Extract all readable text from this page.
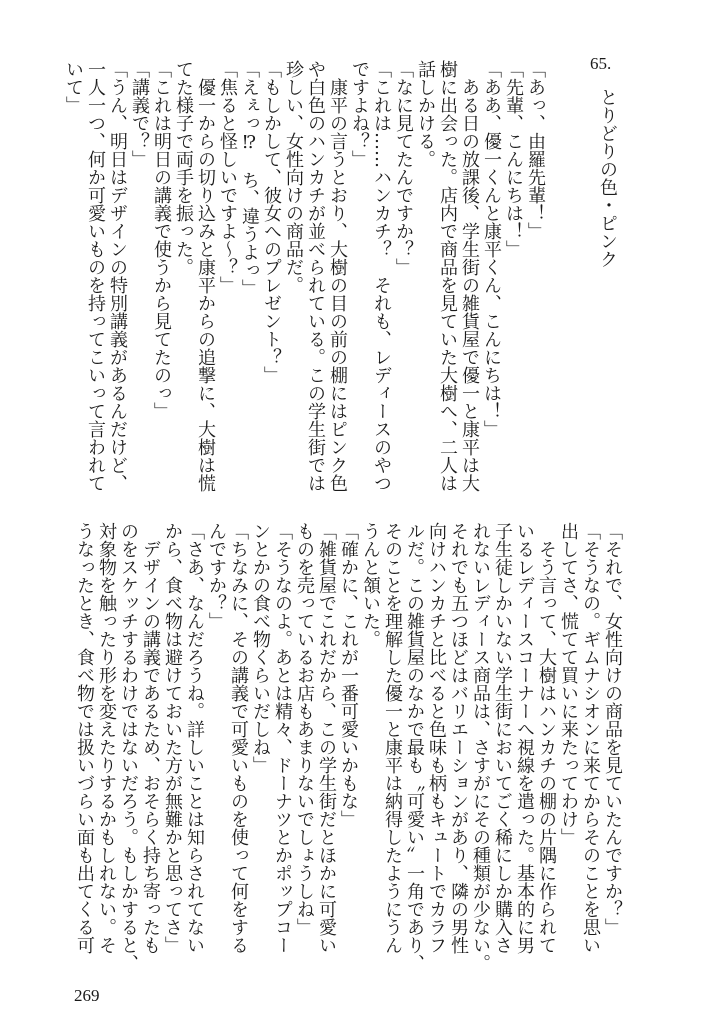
65.
とりどりの色・ピンク
「あっ、由羅先輩！」
「先輩、こんにちは！」
「ああ、優一くんと康平くん、こんにちは！」
　ある日の放課後、学生街の雑貨屋で優一と康平は大
樹に出会った。店内で商品を見ていた大樹へ、二人は
話しかける。
「なに見てたんですか？」
「これは……ハンカチ？　それも、レディースのやつ
ですよね？」
　康平の言うとおり、大樹の目の前の棚にはピンク色
や白色のハンカチが並べられている。この学生街では
珍しい、女性向けの商品だ。
「もしかして、彼女へのプレゼント？」
「えぇっ⁉　ち、違うよっ」
「焦ると怪しいですよ～？」
　優一からの切り込みと康平からの追撃に、大樹は慌
てた様子で両手を振った。
「これは明日の講義で使うから見てたのっ」
「講義で？」
「うん、明日はデザインの特別講義があるんだけど、
一人一つ、何か可愛いものを持ってこいって言われて
いて」
「それで、女性向けの商品を見ていたんですか？」
「そうなの。ギムナシオンに来てからそのことを思い
出してさ、慌てて買いに来たってわけ」
　そう言って、大樹はハンカチの棚の片隅に作られて
いるレディースコーナーへ視線を遣った。基本的に男
子生徒しかいない学生街においてごく稀にしか購入さ
れないレディース商品は、さすがにその種類が少ない。
それでも五つほどはバリエーションがあり、隣の男性
向けハンカチと比べると色味も柄もキュートでカラフ
ルだ。この雑貨屋のなかで最も〝可愛い〟一角であり、
そのことを理解した優一と康平は納得したようにうん
うんと頷いた。
「確かに、これが一番可愛いかもな」
「雑貨屋でこれだから、この学生街だとほかに可愛い
ものを売っているお店もあまりないでしょうしね」
「そうなのよ。あとは精々、ドーナツとかポップコー
ンとかの食べ物くらいだしね」
「ちなみに、その講義で可愛いものを使って何をする
んですか？」
「さあ、なんだろうね。詳しいことは知らされてない
から、食べ物は避けておいた方が無難かと思ってさ」
　デザインの講義であるため、おそらく持ち寄ったも
のをスケッチするわけではないだろう。もしかすると、
対象物を触ったり形を変えたりするかもしれない。そ
うなったとき、食べ物では扱いづらい面も出てくる可
269
